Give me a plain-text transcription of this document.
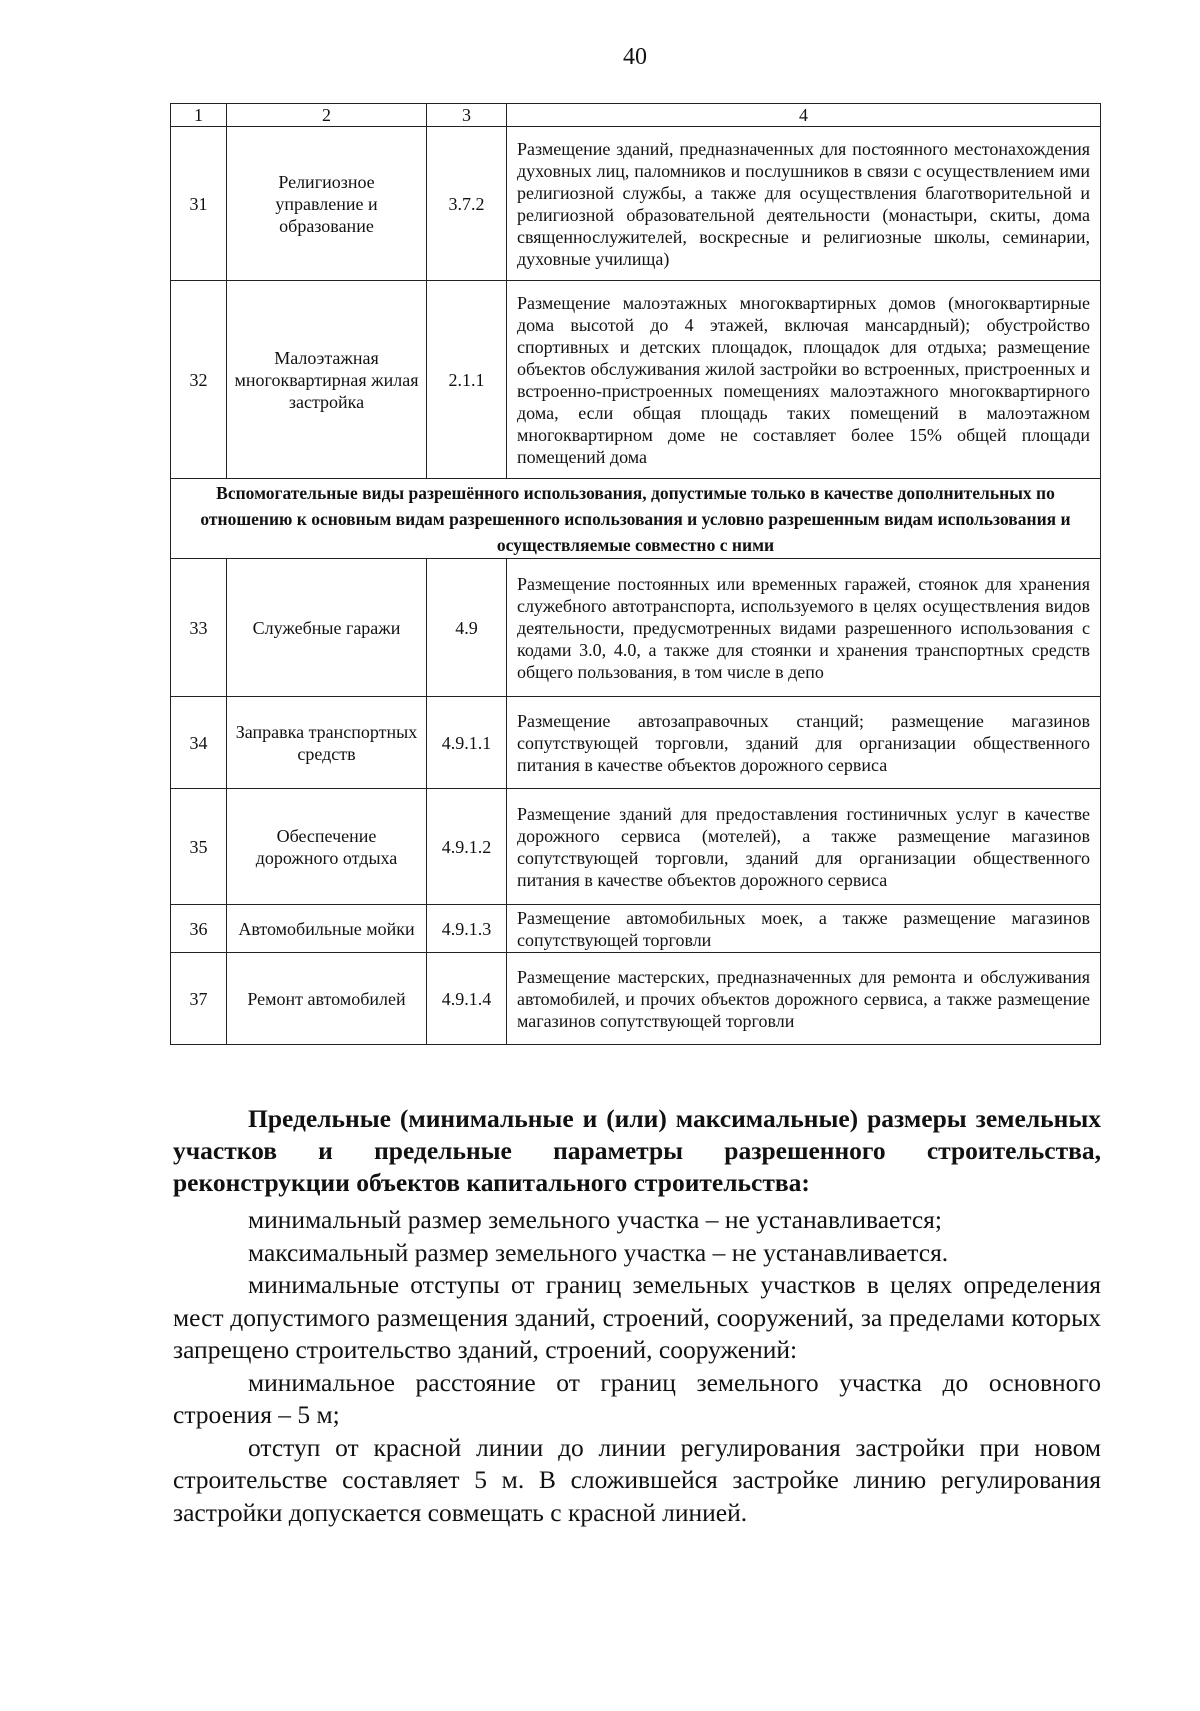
40
1	2	3	4
31	Религиозное управление и образование	3.7.2	Размещение зданий, предназначенных для постоянного местонахождения духовных лиц, паломников и послушников в связи с осуществлением ими религиозной службы, а также для осуществления благотворительной и религиозной образовательной деятельности (монастыри, скиты, дома священнослужителей, воскресные и религиозные школы, семинарии, духовные училища)
32	Малоэтажная многоквартирная жилая застройка	2.1.1	Размещение малоэтажных многоквартирных домов (многоквартирные дома высотой до 4 этажей, включая мансардный); обустройство спортивных и детских площадок, площадок для отдыха; размещение объектов обслуживания жилой застройки во встроенных, пристроенных и встроенно-пристроенных помещениях малоэтажного многоквартирного дома, если общая площадь таких помещений в малоэтажном многоквартирном доме не составляет более 15% общей площади помещений дома
Вспомогательные виды разрешённого использования, допустимые только в качестве дополнительных по отношению к основным видам разрешенного использования и условно разрешенным видам использования и осуществляемые совместно с ними			
33	Служебные гаражи	4.9	Размещение постоянных или временных гаражей, стоянок для хранения служебного автотранспорта, используемого в целях осуществления видов деятельности, предусмотренных видами разрешенного использования с кодами 3.0, 4.0, а также для стоянки и хранения транспортных средств общего пользования, в том числе в депо
34	Заправка транспортных средств	4.9.1.1	Размещение автозаправочных станций; размещение магазинов сопутствующей торговли, зданий для организации общественного питания в качестве объектов дорожного сервиса
35	Обеспечение дорожного отдыха	4.9.1.2	Размещение зданий для предоставления гостиничных услуг в качестве дорожного сервиса (мотелей), а также размещение магазинов сопутствующей торговли, зданий для организации общественного питания в качестве объектов дорожного сервиса
36	Автомобильные мойки	4.9.1.3	Размещение автомобильных моек, а также размещение магазинов сопутствующей торговли
37	Ремонт автомобилей	4.9.1.4	Размещение мастерских, предназначенных для ремонта и обслуживания автомобилей, и прочих объектов дорожного сервиса, а также размещение магазинов сопутствующей торговли
Предельные (минимальные и (или) максимальные) размеры земельных участков и предельные параметры разрешенного строительства, реконструкции объектов капитального строительства:

минимальный размер земельного участка – не устанавливается;

максимальный размер земельного участка – не устанавливается.

минимальные отступы от границ земельных участков в целях определения мест допустимого размещения зданий, строений, сооружений, за пределами которых запрещено строительство зданий, строений, сооружений:

минимальное расстояние от границ земельного участка до основного строения – 5 м;

отступ от красной линии до линии регулирования застройки при новом строительстве составляет 5 м. В сложившейся застройке линию регулирования застройки допускается совмещать с красной линией.
